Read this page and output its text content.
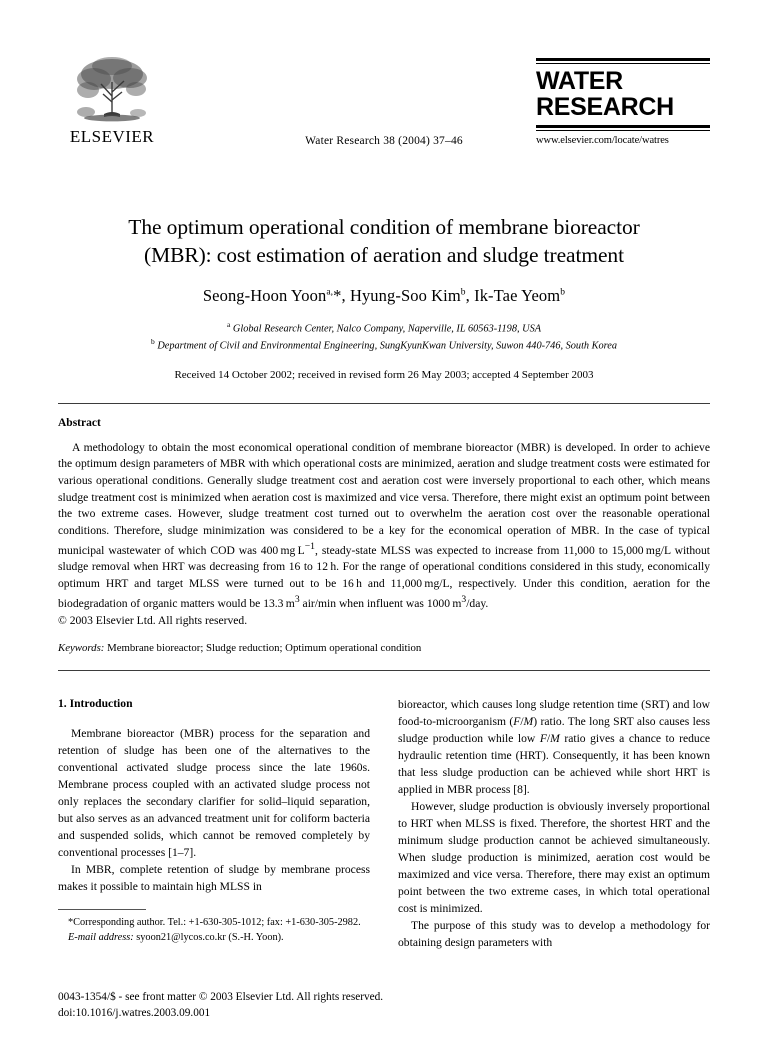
ELSEVIER	Water Research 38 (2004) 37–46
WATER
RESEARCH
www.elsevier.com/locate/watres
The optimum operational condition of membrane bioreactor
(MBR): cost estimation of aeration and sludge treatment
Seong-Hoon Yoon$^{a,}$*, Hyung-Soo Kim$^b$, Ik-Tae Yeom$^b$
$^a$ Global Research Center, Nalco Company, Naperville, IL 60563-1198, USA
$^b$ Department of Civil and Environmental Engineering, SungKyunKwan University, Suwon 440-746, South Korea
Received 14 October 2002; received in revised form 26 May 2003; accepted 4 September 2003
Abstract
A methodology to obtain the most economical operational condition of membrane bioreactor (MBR) is developed. In order to achieve the optimum design parameters of MBR with which operational costs are minimized, aeration and sludge treatment costs were estimated for various operational conditions. Generally sludge treatment cost and aeration cost were inversely proportional to each other, which means sludge treatment cost is minimized when aeration cost is maximized and vice versa. Therefore, there might exist an optimum point between the two extreme cases. However, sludge treatment cost turned out to overwhelm the aeration cost over the reasonable operational conditions. Therefore, sludge minimization was considered to be a key for the economical operation of MBR. In the case of typical municipal wastewater of which COD was 400 mg $L^{-1}$, steady-state MLSS was expected to increase from 11,000 to 15,000 mg/L without sludge removal when HRT was decreasing from 16 to 12 h. For the range of operational conditions considered in this study, economically optimum HRT and target MLSS were turned out to be 16 h and 11,000 mg/L, respectively. Under this condition, aeration for the biodegradation of organic matters would be 13.3 $m^3$ air/min when influent was 1000 $m^3$/day.
© 2003 Elsevier Ltd. All rights reserved.
Keywords: Membrane bioreactor; Sludge reduction; Optimum operational condition
1. Introduction

Membrane bioreactor (MBR) process for the separation and retention of sludge has been one of the alternatives to the conventional activated sludge process since the late 1960s. Membrane process coupled with an activated sludge process not only replaces the secondary clarifier for solid–liquid separation, but also serves as an advanced treatment unit for coliform bacteria and suspended solids, which cannot be removed completely by conventional processes [1–7].

In MBR, complete retention of sludge by membrane process makes it possible to maintain high MLSS in

*Corresponding author. Tel.: +1-630-305-1012; fax: +1-630-305-2982.

E-mail address: syoon21@lycos.co.kr (S.-H. Yoon).

bioreactor, which causes long sludge retention time (SRT) and low food-to-microorganism (F/M) ratio. The long SRT also causes less sludge production while low F/M ratio gives a chance to reduce hydraulic retention time (HRT). Consequently, it has been known that less sludge production can be achieved while short HRT is applied in MBR process [8].

However, sludge production is obviously inversely proportional to HRT when MLSS is fixed. Therefore, the shortest HRT and the minimum sludge production cannot be achieved simultaneously. When sludge production is minimized, aeration cost would be maximized and vice versa. Therefore, there may exist an optimum point between the two extreme cases, in which total operational cost is minimized.

The purpose of this study was to develop a methodology for obtaining design parameters with

0043-1354/$ - see front matter © 2003 Elsevier Ltd. All rights reserved.
doi:10.1016/j.watres.2003.09.001
